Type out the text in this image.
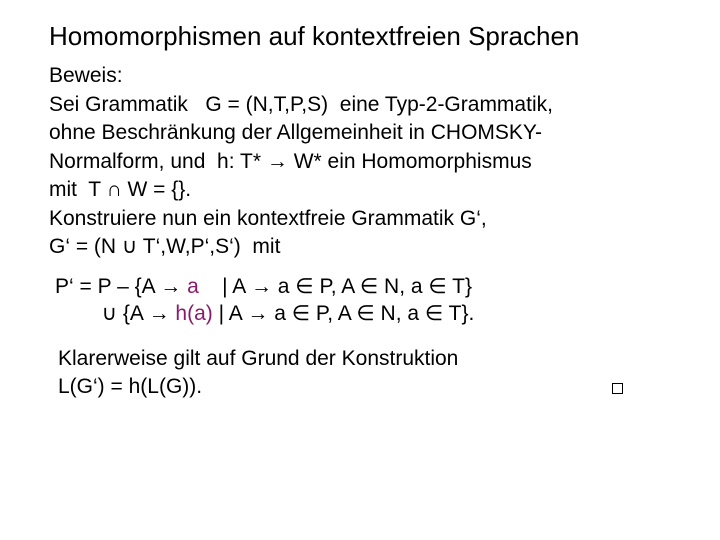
Homomorphismen auf kontextfreien Sprachen
Beweis:
Sei Grammatik   G = (N,T,P,S)  eine Typ-2-Grammatik,
ohne Beschränkung der Allgemeinheit in CHOMSKY-
Normalform, und  h: T* → W* ein Homomorphismus
mit  T ∩ W = {}.
Konstruiere nun ein kontextfreie Grammatik G‘,
G‘ = (N ∪ T‘,W,P‘,S‘)  mit
P‘ = P – {A → a    | A → a ∈ P, A ∈ N, a ∈ T}
∪ {A → h(a) | A → a ∈ P, A ∈ N, a ∈ T}.
Klarerweise gilt auf Grund der Konstruktion
L(G‘) = h(L(G)).
